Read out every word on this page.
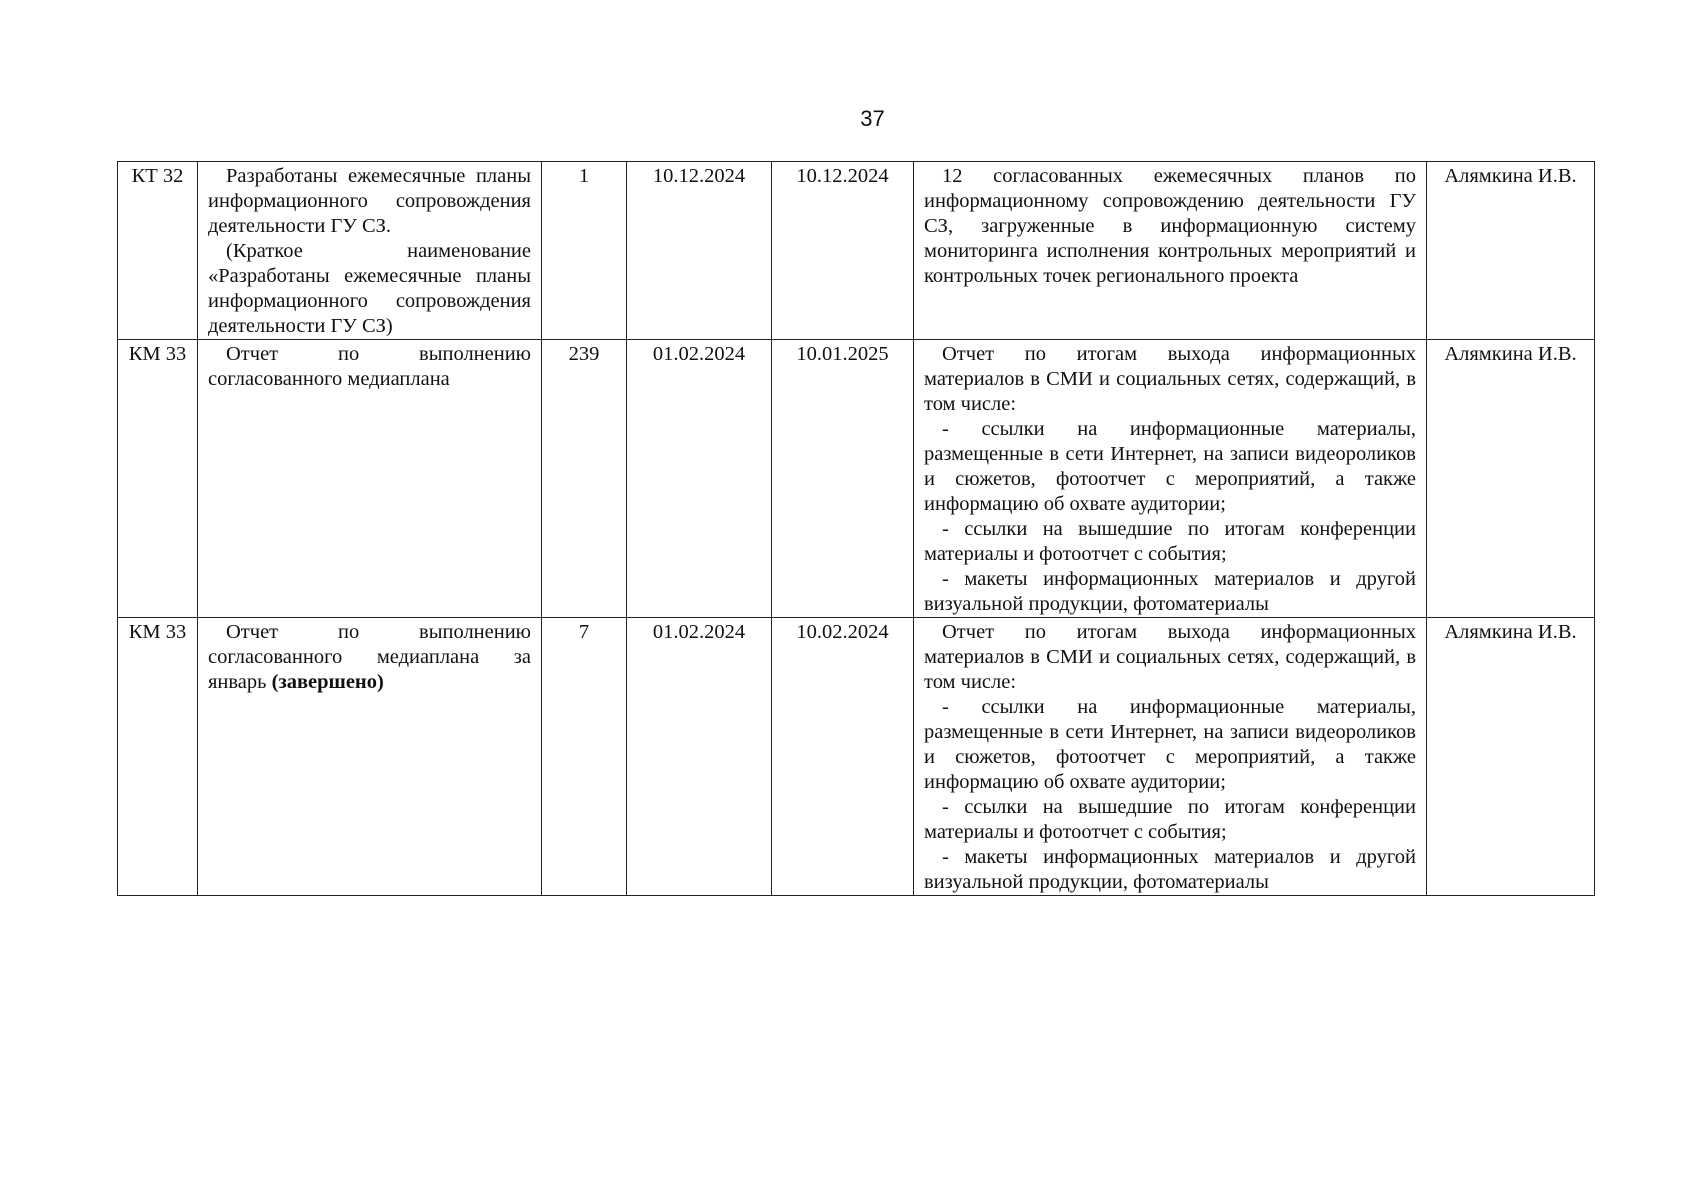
37
КТ 32	Разработаны ежемесячные планы информационного сопровождения деятельности ГУ СЗ.
(Краткое наименование «Разработаны ежемесячные планы информационного сопровождения деятельности ГУ СЗ)	1	10.12.2024	10.12.2024	12 согласованных ежемесячных планов по информационному сопровождению деятельности ГУ СЗ, загруженные в информационную систему мониторинга исполнения контрольных мероприятий и контрольных точек регионального проекта	Алямкина И.В.
КМ 33	Отчет по выполнению согласованного медиаплана	239	01.02.2024	10.01.2025	Отчет по итогам выхода информационных материалов в СМИ и социальных сетях, содержащий, в том числе:
- ссылки на информационные материалы, размещенные в сети Интернет, на записи видеороликов и сюжетов, фотоотчет с мероприятий, а также информацию об охвате аудитории;
- ссылки на вышедшие по итогам конференции материалы и фотоотчет с события;
- макеты информационных материалов и другой визуальной продукции, фотоматериалы	Алямкина И.В.
КМ 33	Отчет по выполнению согласованного медиаплана за январь (завершено)	7	01.02.2024	10.02.2024	Отчет по итогам выхода информационных материалов в СМИ и социальных сетях, содержащий, в том числе:
- ссылки на информационные материалы, размещенные в сети Интернет, на записи видеороликов и сюжетов, фотоотчет с мероприятий, а также информацию об охвате аудитории;
- ссылки на вышедшие по итогам конференции материалы и фотоотчет с события;
- макеты информационных материалов и другой визуальной продукции, фотоматериалы	Алямкина И.В.
